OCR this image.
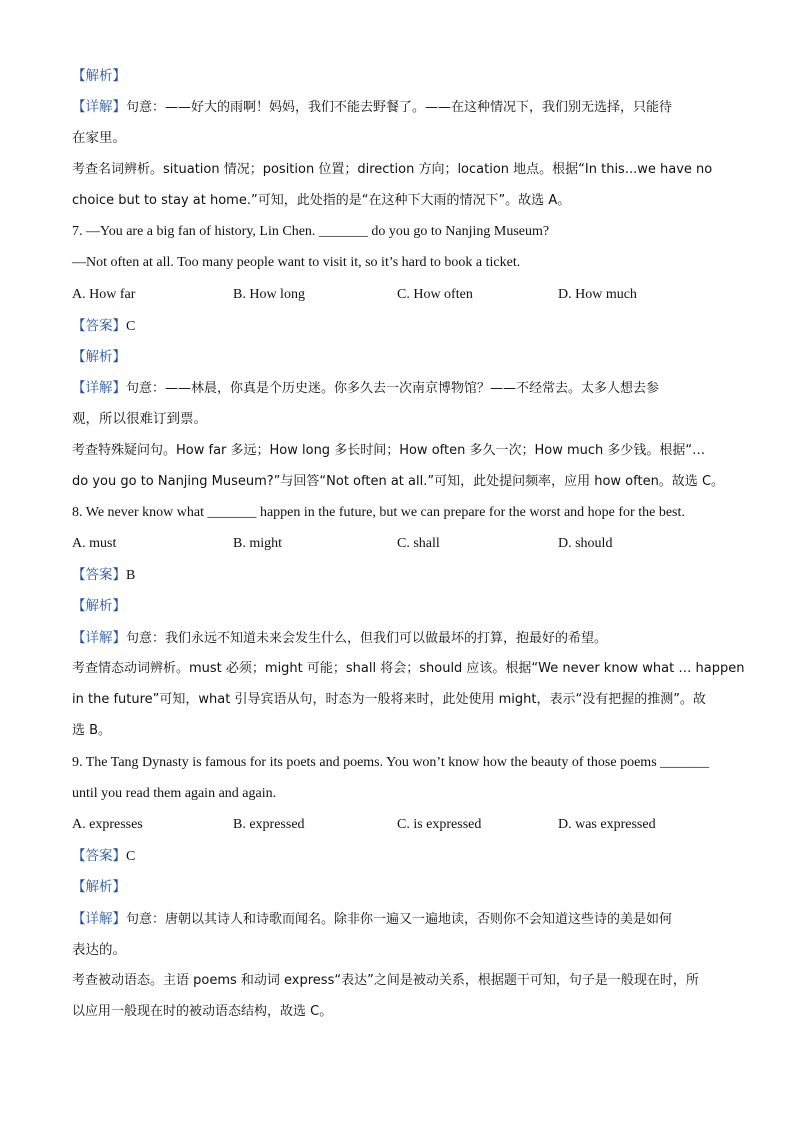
【解析】
【详解】句意：——好大的雨啊！妈妈，我们不能去野餐了。——在这种情况下，我们别无选择，只能待
在家里。
考查名词辨析。situation 情况；position 位置；direction 方向；location 地点。根据“In this...we have no
choice but to stay at home.”可知，此处指的是“在这种下大雨的情况下”。故选 A。
7. —You are a big fan of history, Lin Chen. _______ do you go to Nanjing Museum?
—Not often at all. Too many people want to visit it, so it’s hard to book a ticket.
A. How far	B. How long	C. How often	D. How much
【答案】C
【解析】
【详解】句意：——林晨，你真是个历史迷。你多久去一次南京博物馆？——不经常去。太多人想去参
观，所以很难订到票。
考查特殊疑问句。How far 多远；How long 多长时间；How often 多久一次；How much 多少钱。根据“…
do you go to Nanjing Museum?”与回答“Not often at all.”可知，此处提问频率，应用 how often。故选 C。
8. We never know what _______ happen in the future, but we can prepare for the worst and hope for the best.
A. must	B. might	C. shall	D. should
【答案】B
【解析】
【详解】句意：我们永远不知道未来会发生什么，但我们可以做最坏的打算，抱最好的希望。
考查情态动词辨析。must 必须；might 可能；shall 将会；should 应该。根据“We never know what … happen
in the future”可知，what 引导宾语从句，时态为一般将来时，此处使用 might，表示“没有把握的推测”。故
选 B。
9. The Tang Dynasty is famous for its poets and poems. You won’t know how the beauty of those poems _______
until you read them again and again.
A. expresses	B. expressed	C. is expressed	D. was expressed
【答案】C
【解析】
【详解】句意：唐朝以其诗人和诗歌而闻名。除非你一遍又一遍地读，否则你不会知道这些诗的美是如何
表达的。
考查被动语态。主语 poems 和动词 express“表达”之间是被动关系，根据题干可知，句子是一般现在时，所
以应用一般现在时的被动语态结构，故选 C。
